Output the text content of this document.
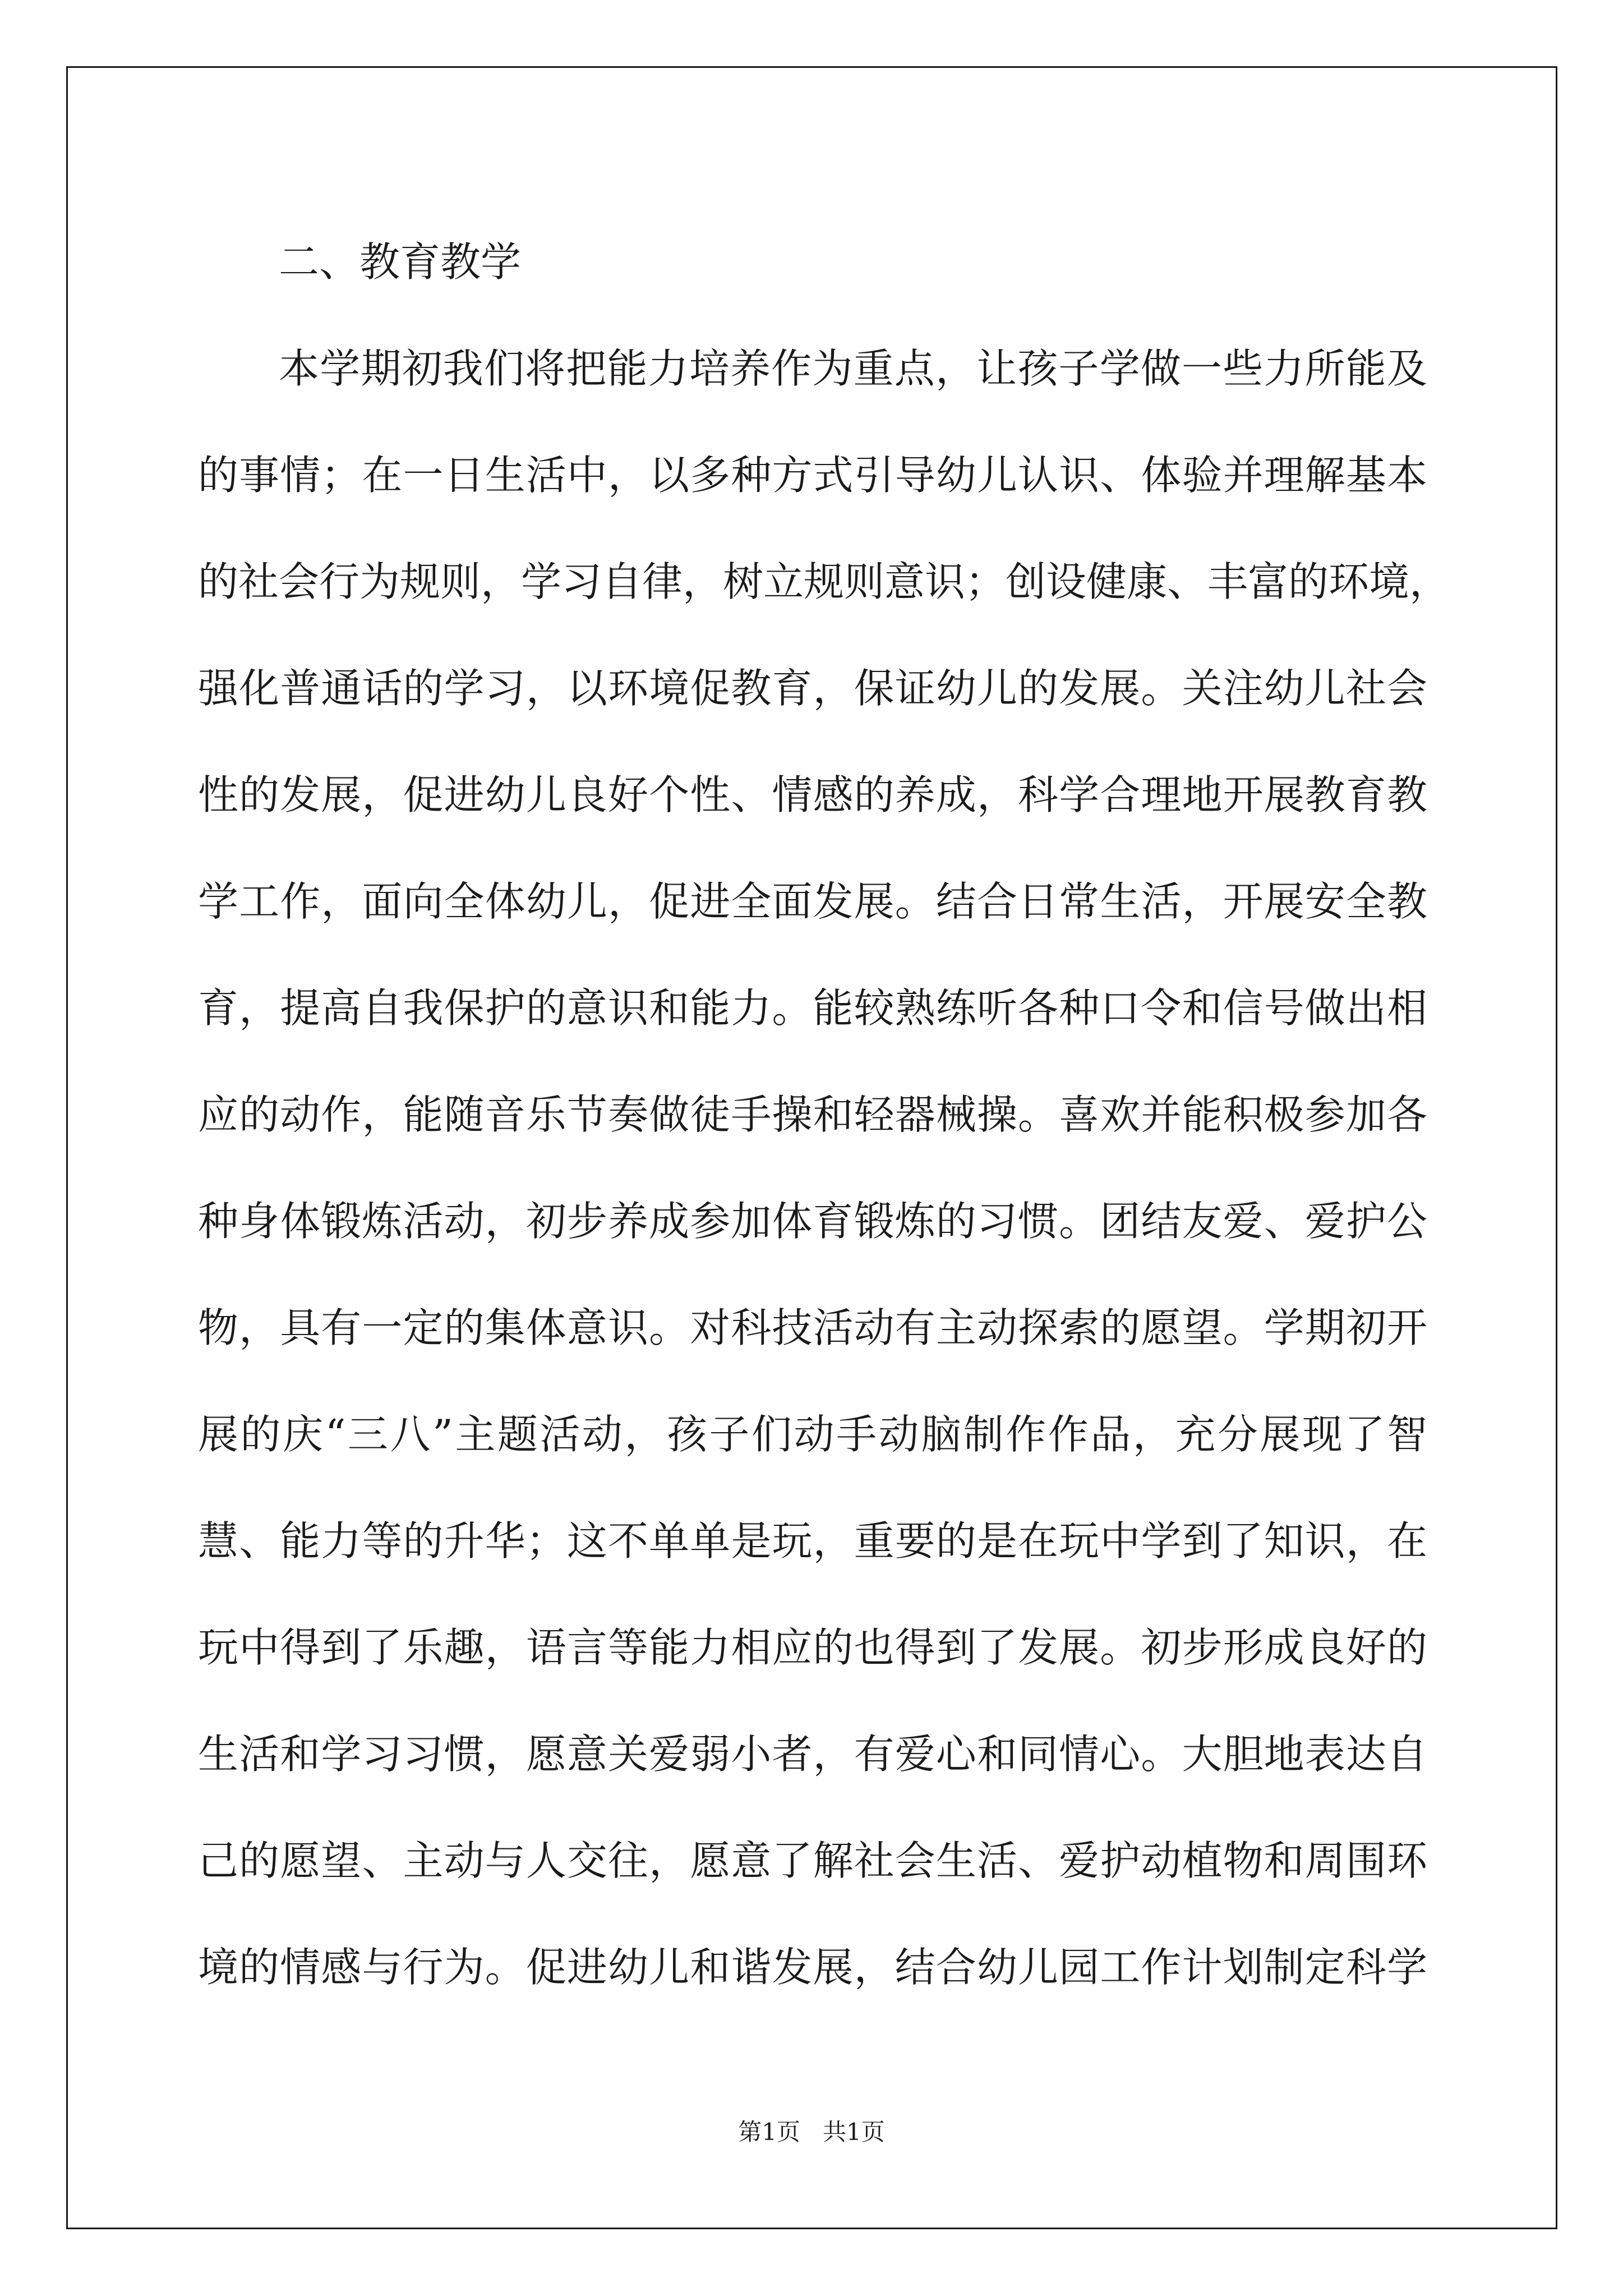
二、教育教学

本学期初我们将把能力培养作为重点，让孩子学做一些力所能及

的事情；在一日生活中，以多种方式引导幼儿认识、体验并理解基本

的社会行为规则，学习自律，树立规则意识；创设健康、丰富的环境，

强化普通话的学习，以环境促教育，保证幼儿的发展。关注幼儿社会

性的发展，促进幼儿良好个性、情感的养成，科学合理地开展教育教

学工作，面向全体幼儿，促进全面发展。结合日常生活，开展安全教

育，提高自我保护的意识和能力。能较熟练听各种口令和信号做出相

应的动作，能随音乐节奏做徒手操和轻器械操。喜欢并能积极参加各

种身体锻炼活动，初步养成参加体育锻炼的习惯。团结友爱、爱护公

物，具有一定的集体意识。对科技活动有主动探索的愿望。学期初开

展的庆“三八”主题活动，孩子们动手动脑制作作品，充分展现了智

慧、能力等的升华；这不单单是玩，重要的是在玩中学到了知识，在

玩中得到了乐趣，语言等能力相应的也得到了发展。初步形成良好的

生活和学习习惯，愿意关爱弱小者，有爱心和同情心。大胆地表达自

己的愿望、主动与人交往，愿意了解社会生活、爱护动植物和周围环

境的情感与行为。促进幼儿和谐发展，结合幼儿园工作计划制定科学

第1页   共1页
